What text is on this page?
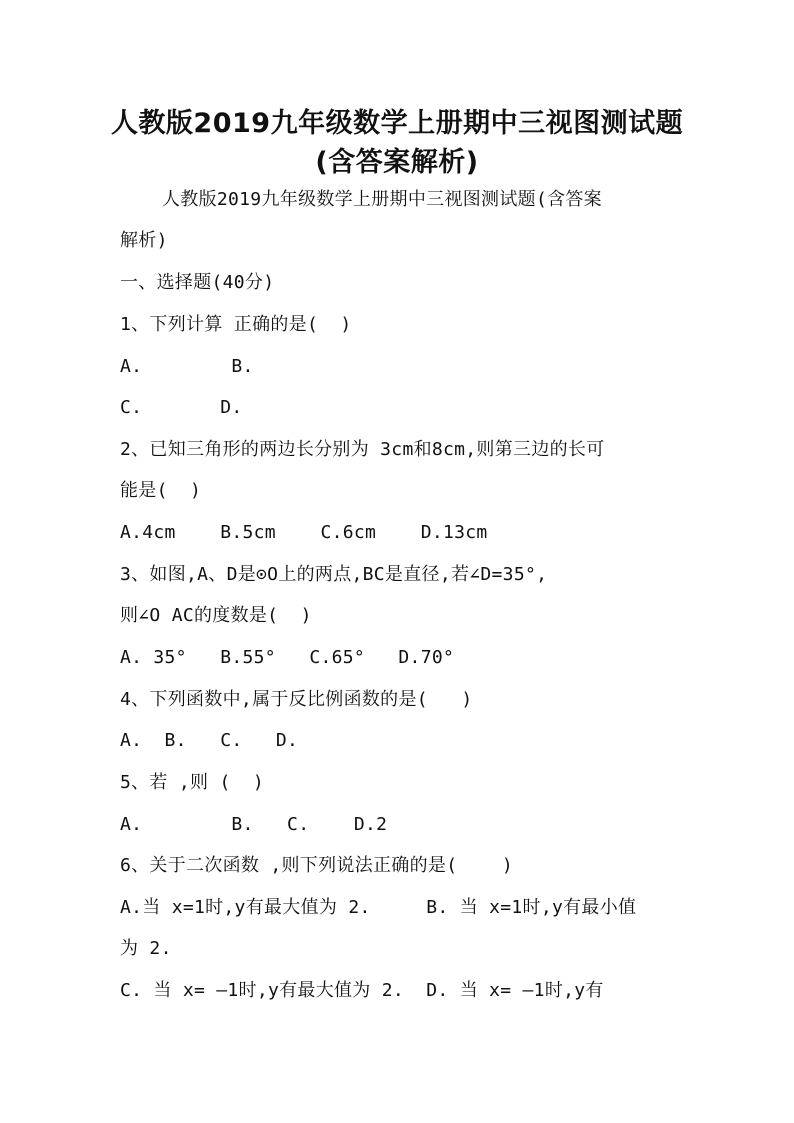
人教版2019九年级数学上册期中三视图测试题
(含答案解析)
人教版2019九年级数学上册期中三视图测试题(含答案
解析)
一、选择题(40分)
1、下列计算 正确的是(  )
A.        B.
C.       D.
2、已知三角形的两边长分别为 3cm和8cm,则第三边的长可
能是(  )
A.4cm    B.5cm    C.6cm    D.13cm
3、如图,A、D是⊙O上的两点,BC是直径,若∠D=35°,
则∠O AC的度数是(  )
A. 35°   B.55°   C.65°   D.70°
4、下列函数中,属于反比例函数的是(   )
A.  B.   C.   D.
5、若 ,则 (  )
A.        B.   C.    D.2
6、关于二次函数 ,则下列说法正确的是(    )
A.当 x=1时,y有最大值为 2.     B. 当 x=1时,y有最小值
为 2.
C. 当 x= —1时,y有最大值为 2.  D. 当 x= —1时,y有
